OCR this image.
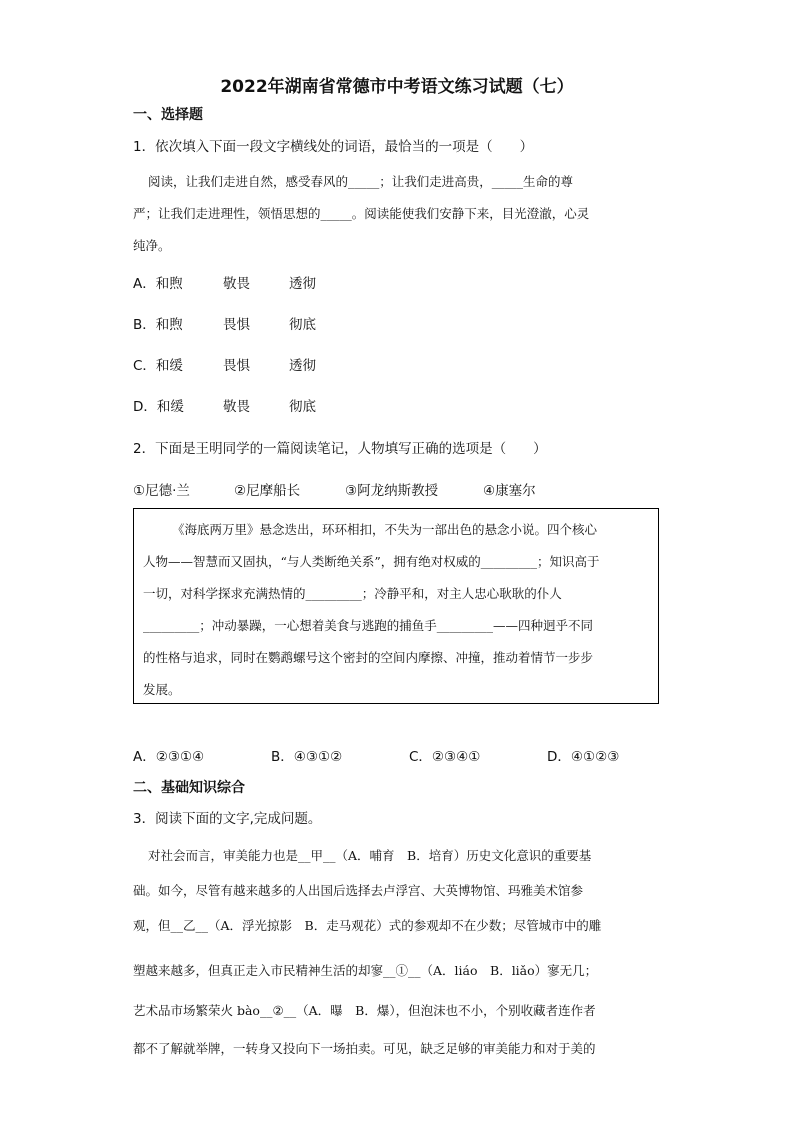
2022年湖南省常德市中考语文练习试题（七）
一、选择题
1．依次填入下面一段文字横线处的词语，最恰当的一项是（　　）
阅读，让我们走进自然，感受春风的_____；让我们走进高贵，_____生命的尊
严；让我们走进理性，领悟思想的_____。阅读能使我们安静下来，目光澄澈，心灵
纯净。
A．和煦	敬畏	透彻
B．和煦	畏惧	彻底
C．和缓	畏惧	透彻
D．和缓	敬畏	彻底
2．下面是王明同学的一篇阅读笔记，人物填写正确的选项是（　　）
①尼德·兰	②尼摩船长	③阿龙纳斯教授	④康塞尔
《海底两万里》悬念迭出，环环相扣，不失为一部出色的悬念小说。四个核心
人物——智慧而又固执，“与人类断绝关系”，拥有绝对权威的_________；知识高于
一切，对科学探求充满热情的_________；冷静平和，对主人忠心耿耿的仆人
_________；冲动暴躁，一心想着美食与逃跑的捕鱼手_________——四种迥乎不同
的性格与追求，同时在鹦鹉螺号这个密封的空间内摩擦、冲撞，推动着情节一步步
发展。
A．②③①④	B．④③①②	C．②③④①	D．④①②③
二、基础知识综合
3．阅读下面的文字,完成问题。
对社会而言，审美能力也是__甲__（A．哺育　B．培育）历史文化意识的重要基
础。如今，尽管有越来越多的人出国后选择去卢浮宫、大英博物馆、玛雅美术馆参
观，但__乙__（A．浮光掠影　B．走马观花）式的参观却不在少数；尽管城市中的雕
塑越来越多，但真正走入市民精神生活的却寥__①__（A．liáo　B．liǎo）寥无几；
艺术品市场繁荣火 bào__②__（A．曝　B．爆），但泡沫也不小，个别收藏者连作者
都不了解就举牌，一转身又投向下一场拍卖。可见，缺乏足够的审美能力和对于美的
